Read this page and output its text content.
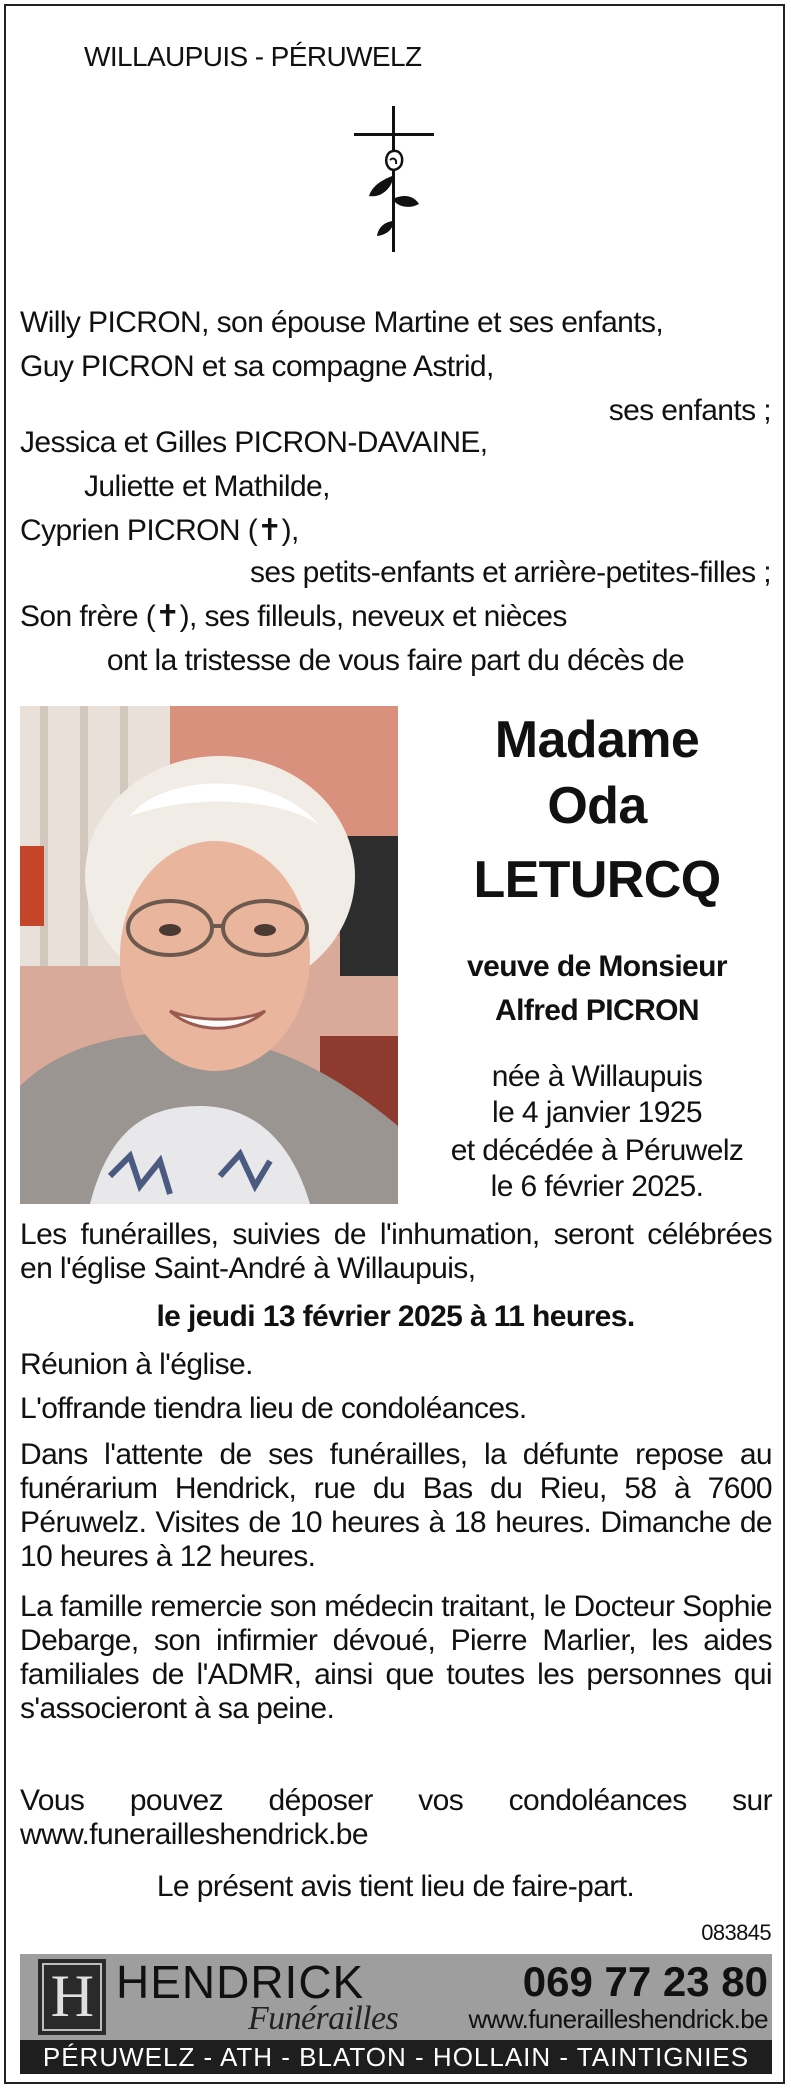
WILLAUPUIS - PÉRUWELZ
Willy PICRON, son épouse Martine et ses enfants,
Guy PICRON et sa compagne Astrid,
ses enfants ;
Jessica et Gilles PICRON-DAVAINE,
Juliette et Mathilde,
Cyprien PICRON (✝),
ses petits-enfants et arrière-petites-filles ;
Son frère (✝), ses filleuls, neveux et nièces
ont la tristesse de vous faire part du décès de
Madame
Oda
LETURCQ
veuve de Monsieur
Alfred PICRON
née à Willaupuis
le 4 janvier 1925
et décédée à Péruwelz
le 6 février 2025.
Les funérailles, suivies de l'inhumation, seront célébrées en l'église Saint-André à Willaupuis,
le jeudi 13 février 2025 à 11 heures.
Réunion à l'église.
L'offrande tiendra lieu de condoléances.
Dans l'attente de ses funérailles, la défunte repose au funérarium Hendrick, rue du Bas du Rieu, 58 à 7600 Péruwelz. Visites de 10 heures à 18 heures. Dimanche de 10 heures à 12 heures.
La famille remercie son médecin traitant, le Docteur Sophie Debarge, son infirmier dévoué, Pierre Marlier, les aides familiales de l'ADMR, ainsi que toutes les personnes qui s'associeront à sa peine.
Vous pouvez déposer vos condoléances sur www.funerailleshendrick.be
Le présent avis tient lieu de faire-part.
083845
H HENDRICK
Funérailles
069 77 23 80
www.funerailleshendrick.be
PÉRUWELZ - ATH - BLATON - HOLLAIN - TAINTIGNIES
